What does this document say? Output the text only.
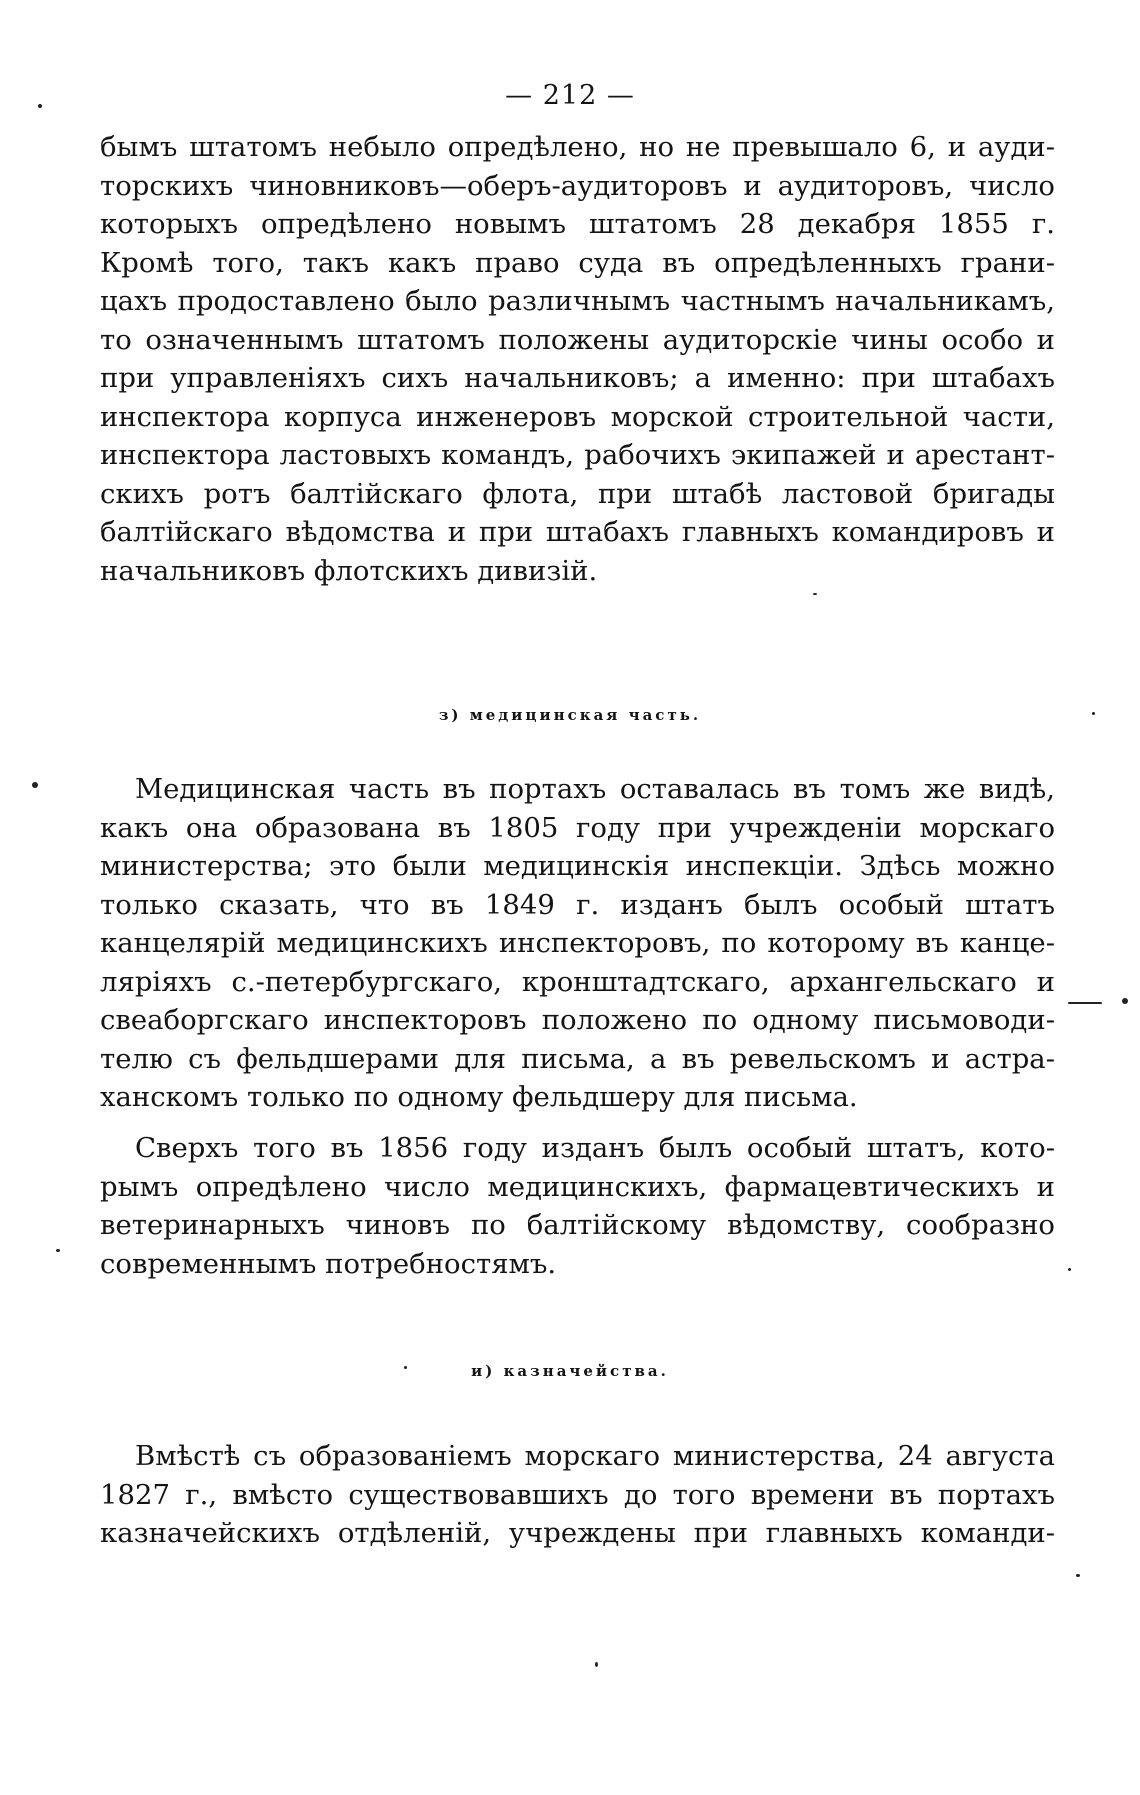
— 212 —
бымъ штатомъ небыло опредѣлено, но не превышало 6, и ауди-
торскихъ чиновниковъ—оберъ-аудиторовъ и аудиторовъ, число
которыхъ опредѣлено новымъ штатомъ 28 декабря 1855 г.
Кромѣ того, такъ какъ право суда въ опредѣленныхъ грани-
цахъ продоставлено было различнымъ частнымъ начальникамъ,
то означеннымъ штатомъ положены аудиторскіе чины особо и
при управленіяхъ сихъ начальниковъ; а именно: при штабахъ
инспектора корпуса инженеровъ морской строительной части,
инспектора ластовыхъ командъ, рабочихъ экипажей и арестант-
скихъ ротъ балтійскаго флота, при штабѣ ластовой бригады
балтійскаго вѣдомства и при штабахъ главныхъ командировъ и
начальниковъ флотскихъ дивизій.
з) медицинская часть.
Медицинская часть въ портахъ оставалась въ томъ же видѣ,
какъ она образована въ 1805 году при учрежденіи морскаго
министерства; это были медицинскія инспекціи. Здѣсь можно
только сказать, что въ 1849 г. изданъ былъ особый штатъ
канцелярій медицинскихъ инспекторовъ, по которому въ канце-
ляріяхъ с.-петербургскаго, кронштадтскаго, архангельскаго и
свеаборгскаго инспекторовъ положено по одному письмоводи-
телю съ фельдшерами для письма, а въ ревельскомъ и астра-
ханскомъ только по одному фельдшеру для письма.
Сверхъ того въ 1856 году изданъ былъ особый штатъ, кото-
рымъ опредѣлено число медицинскихъ, фармацевтическихъ и
ветеринарныхъ чиновъ по балтійскому вѣдомству, сообразно
современнымъ потребностямъ.
и) казначейства.
Вмѣстѣ съ образованіемъ морскаго министерства, 24 августа
1827 г., вмѣсто существовавшихъ до того времени въ портахъ
казначейскихъ отдѣленій, учреждены при главныхъ команди-
